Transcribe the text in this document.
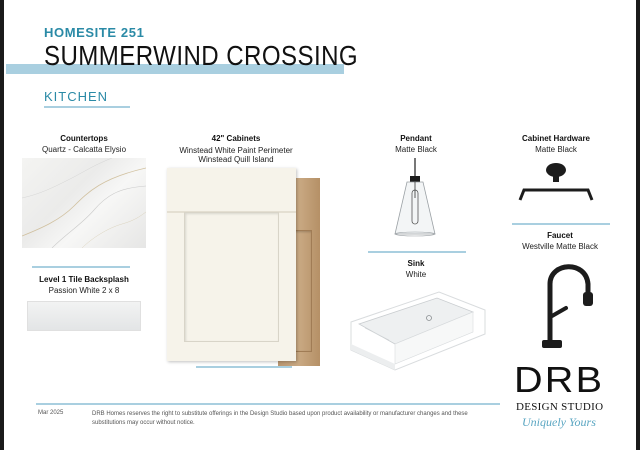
HOMESITE 251
SUMMERWIND CROSSING
KITCHEN
Countertops
Quartz - Calcatta Elysio
Level 1 Tile Backsplash
Passion White 2 x 8
42" Cabinets
Winstead White Paint Perimeter
Winstead Quill Island
Pendant
Matte Black
Sink
White
Cabinet Hardware
Matte Black
Faucet
Westville Matte Black
DRB
DESIGN STUDIO
Uniquely Yours
Mar 2025	DRB Homes reserves the right to substitute offerings in the Design Studio based upon product availability or manufacturer changes and these substitutions may occur without notice.
